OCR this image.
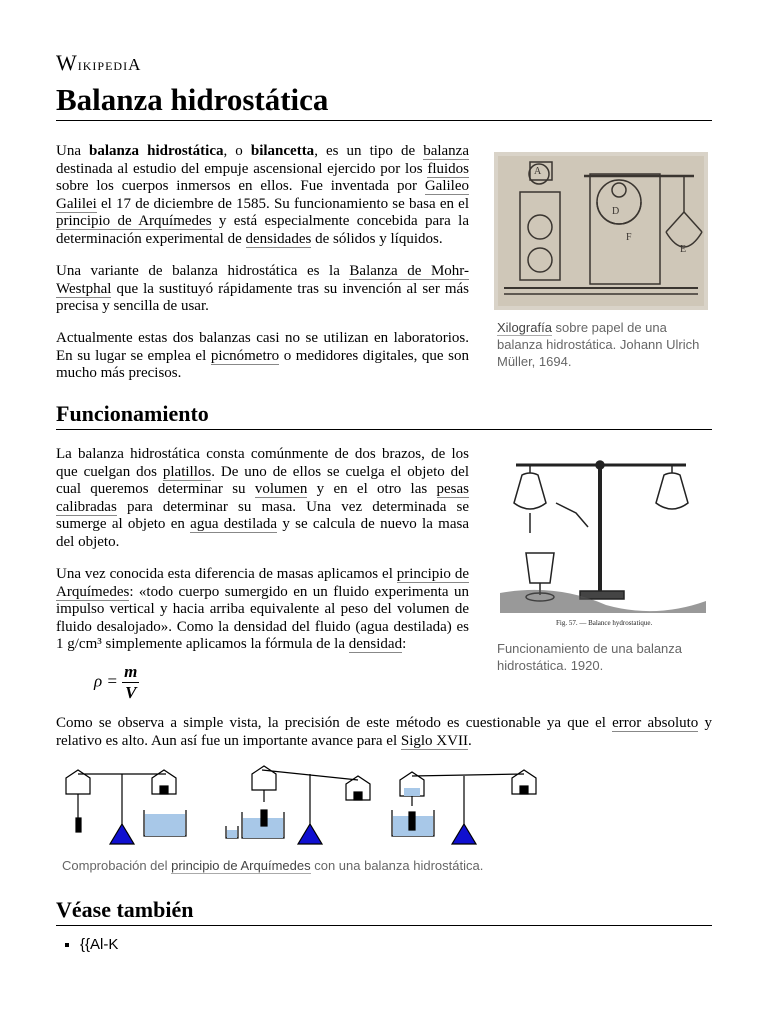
WikipediA
Balanza hidrostática

Una balanza hidrostática, o bilancetta, es un tipo de balanza destinada al estudio del empuje ascensional ejercido por los fluidos sobre los cuerpos inmersos en ellos. Fue inventada por Galileo Galilei el 17 de diciembre de 1585. Su funcionamiento se basa en el principio de Arquímedes y está especialmente concebida para la determinación experimental de densidades de sólidos y líquidos.

Una variante de balanza hidrostática es la Balanza de Mohr-Westphal que la sustituyó rápidamente tras su invención al ser más precisa y sencilla de usar.

Actualmente estas dos balanzas casi no se utilizan en laboratorios. En su lugar se emplea el picnómetro o medidores digitales, que son mucho más precisos.

A
F
D
E
Xilografía sobre papel de una balanza hidrostática. Johann Ulrich Müller, 1694.
Funcionamiento

La balanza hidrostática consta comúnmente de dos brazos, de los que cuelgan dos platillos. De uno de ellos se cuelga el objeto del cual queremos determinar su volumen y en el otro las pesas calibradas para determinar su masa. Una vez determinada se sumerge al objeto en agua destilada y se calcula de nuevo la masa del objeto.

Una vez conocida esta diferencia de masas aplicamos el principio de Arquímedes: «todo cuerpo sumergido en un fluido experimenta un impulso vertical y hacia arriba equivalente al peso del volumen de fluido desalojado». Como la densidad del fluido (agua destilada) es 1 g/cm³ simplemente aplicamos la fórmula de la densidad:

$\rho = \frac{m}{V}$

Como se observa a simple vista, la precisión de este método es cuestionable ya que el error absoluto y relativo es alto. Aun así fue un importante avance para el Siglo XVII.

Fig. 57. — Balance hydrostatique.
Funcionamiento de una balanza hidrostática. 1920.
Comprobación del principio de Arquímedes con una balanza hidrostática.
Véase también
▪ {{Al-K
